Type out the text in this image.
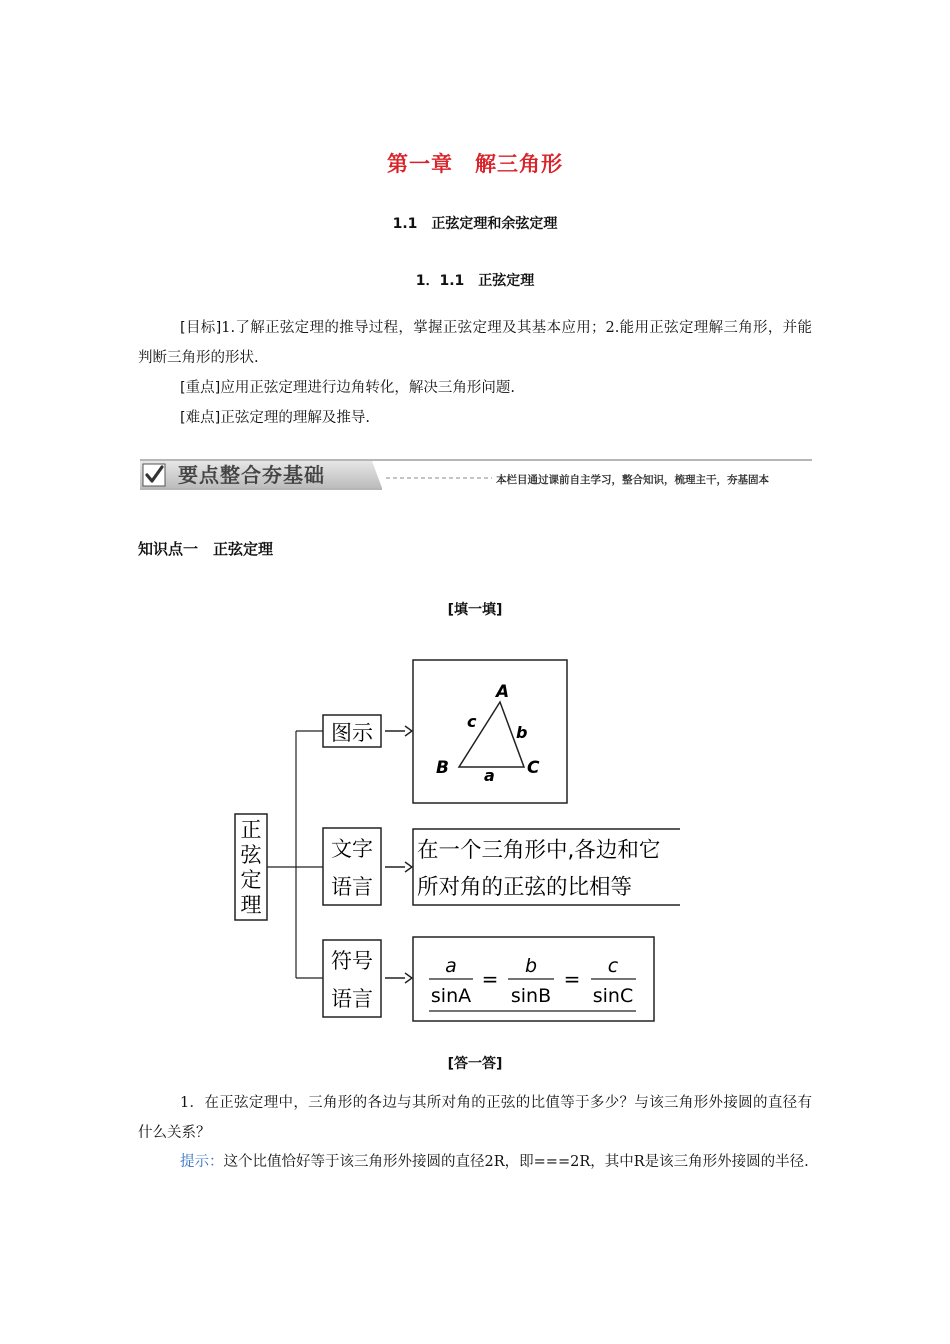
第一章　解三角形
1.1　正弦定理和余弦定理
1．1.1　正弦定理
[目标]1.了解正弦定理的推导过程，掌握正弦定理及其基本应用；2.能用正弦定理解三角形，并能判断三角形的形状.
[重点]应用正弦定理进行边角转化，解决三角形问题.
[难点]正弦定理的理解及推导.
要点整合夯基础	本栏目通过课前自主学习，整合知识，梳理主干，夯基固本
知识点一　正弦定理
[填一填]
正
弦
定
理
图示
A
B	C
c
b
a
文字
语言
在一个三角形中,各边和它
所对角的正弦的比相等
符号
语言
a
sinA
=
b
sinB
=
c
sinC
[答一答]
1．在正弦定理中，三角形的各边与其所对角的正弦的比值等于多少？与该三角形外接圆的直径有什么关系？
提示：这个比值恰好等于该三角形外接圆的直径2R，即===2R，其中R是该三角形外接圆的半径.
